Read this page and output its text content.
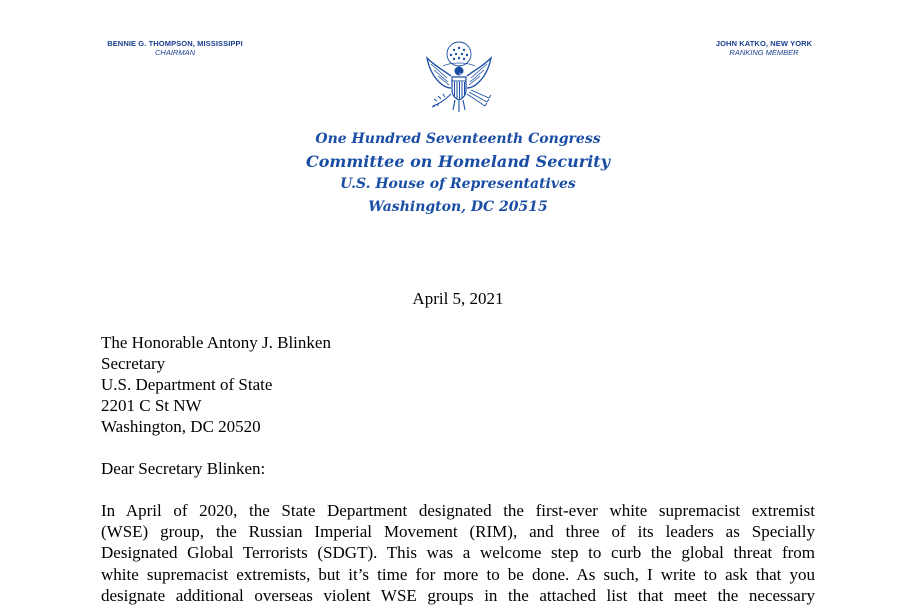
BENNIE G. THOMPSON, MISSISSIPPI
CHAIRMAN
JOHN KATKO, NEW YORK
RANKING MEMBER
One Hundred Seventeenth Congress
Committee on Homeland Security
U.S. House of Representatives
Washington, DC 20515
April 5, 2021
The Honorable Antony J. Blinken
Secretary
U.S. Department of State
2201 C St NW
Washington, DC 20520
Dear Secretary Blinken:
In April of 2020, the State Department designated the first-ever white supremacist extremist
(WSE) group, the Russian Imperial Movement (RIM), and three of its leaders as Specially
Designated Global Terrorists (SDGT). This was a welcome step to curb the global threat from
white supremacist extremists, but it’s time for more to be done. As such, I write to ask that you
designate additional overseas violent WSE groups in the attached list that meet the necessary
